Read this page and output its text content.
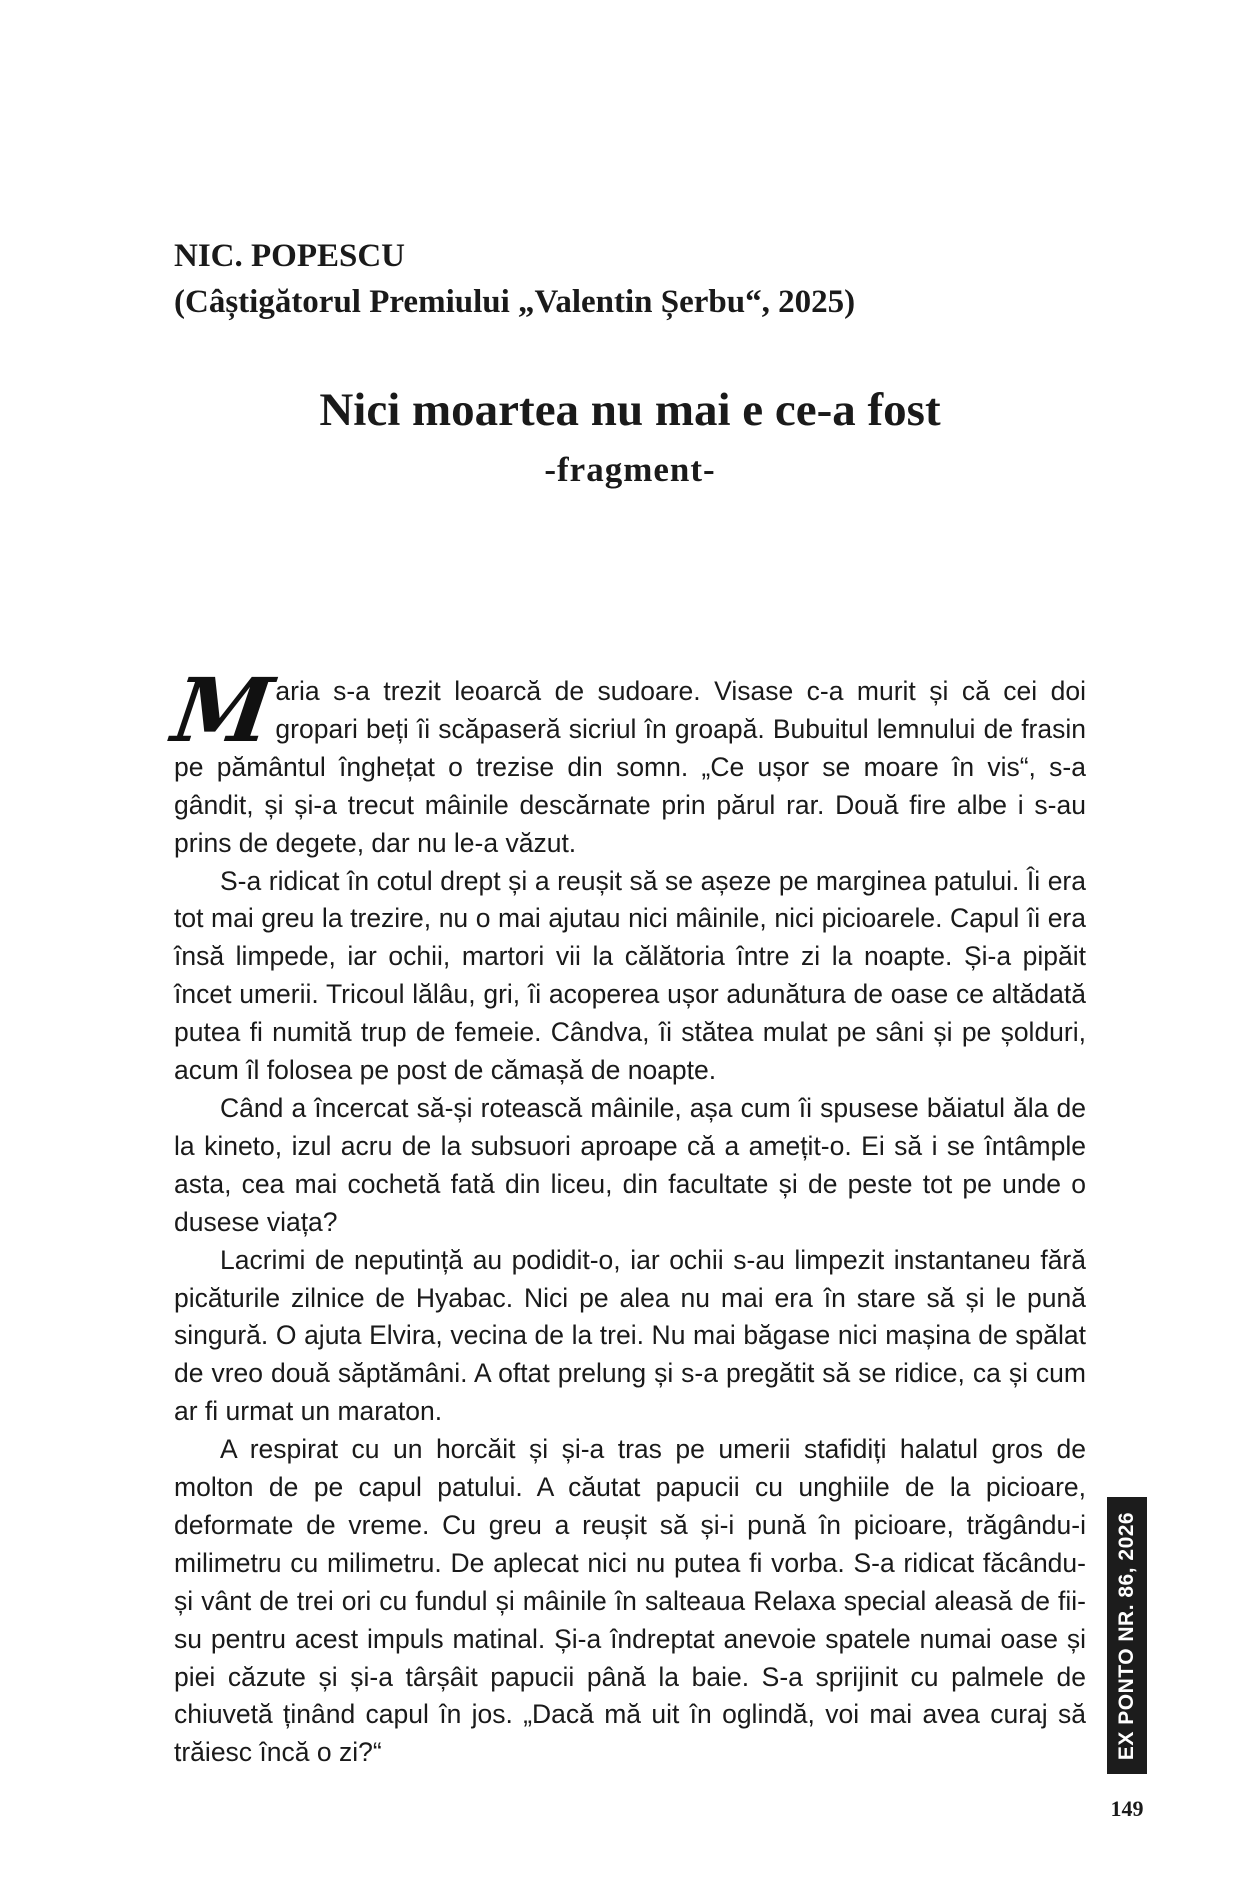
NIC. POPESCU
(Câștigătorul Premiului „Valentin Șerbu“, 2025)
Nici moartea nu mai e ce-a fost
-fragment-

M
aria s-a trezit leoarcă de sudoare. Visase c-a murit și că cei doi gropari beți îi scăpaseră sicriul în groapă. Bubuitul lemnului de frasin pe pământul înghețat o trezise din somn. „Ce ușor se moare în vis“, s-a gândit, și și-a trecut mâinile descărnate prin părul rar. Două fire albe i s-au prins de degete, dar nu le-a văzut.

S-a ridicat în cotul drept și a reușit să se așeze pe marginea patului. Îi era tot mai greu la trezire, nu o mai ajutau nici mâinile, nici picioarele. Capul îi era însă limpede, iar ochii, martori vii la călătoria între zi la noapte. Și-a pipăit încet umerii. Tricoul lălâu, gri, îi acoperea ușor adunătura de oase ce altădată putea fi numită trup de femeie. Cândva, îi stătea mulat pe sâni și pe șolduri, acum îl folosea pe post de cămașă de noapte.

Când a încercat să-și rotească mâinile, așa cum îi spusese băiatul ăla de la kineto, izul acru de la subsuori aproape că a amețit-o. Ei să i se întâmple asta, cea mai cochetă fată din liceu, din facultate și de peste tot pe unde o dusese viața?

Lacrimi de neputință au podidit-o, iar ochii s-au limpezit instantaneu fără picăturile zilnice de Hyabac. Nici pe alea nu mai era în stare să și le pună singură. O ajuta Elvira, vecina de la trei. Nu mai băgase nici mașina de spălat de vreo două săptămâni. A oftat prelung și s-a pregătit să se ridice, ca și cum ar fi urmat un maraton.

A respirat cu un horcăit și și-a tras pe umerii stafidiți halatul gros de molton de pe capul patului. A căutat papucii cu unghiile de la picioare, deformate de vreme. Cu greu a reușit să și-i pună în picioare, trăgându-i milimetru cu milimetru. De aplecat nici nu putea fi vorba. S-a ridicat făcându-și vânt de trei ori cu fundul și mâinile în salteaua Relaxa special aleasă de fii-su pentru acest impuls matinal. Și-a îndreptat anevoie spatele numai oase și piei căzute și și-a târșâit papucii până la baie. S-a sprijinit cu palmele de chiuvetă ținând capul în jos. „Dacă mă uit în oglindă, voi mai avea curaj să trăiesc încă o zi?“	EX PONTO NR. 86, 2026
149
